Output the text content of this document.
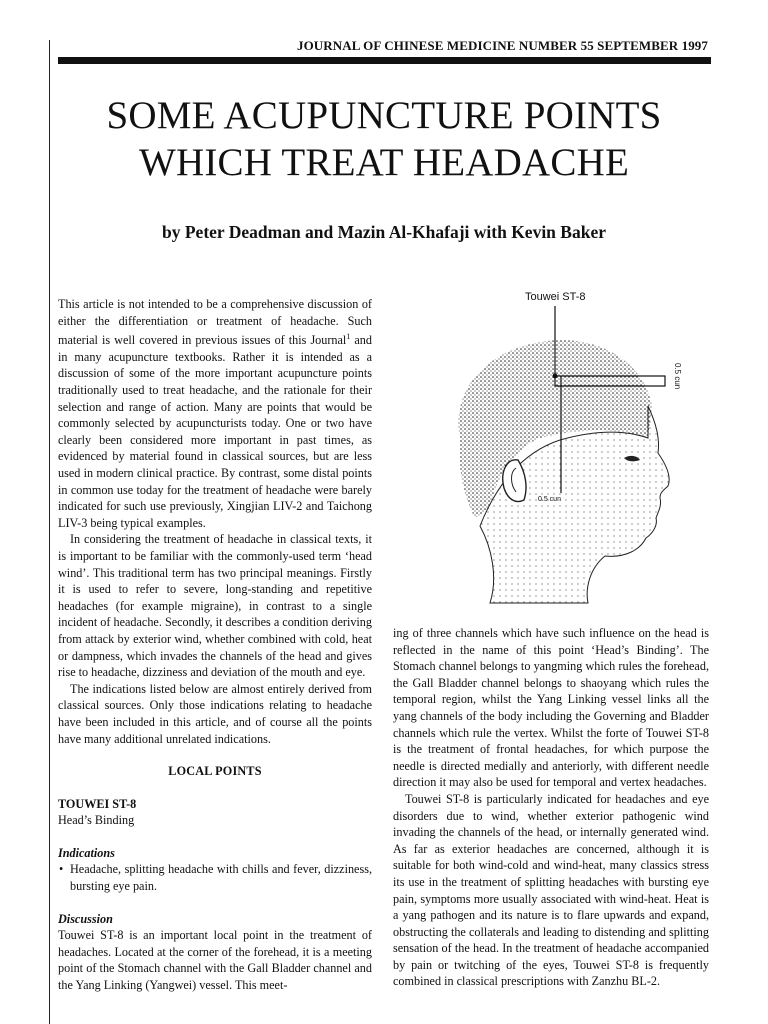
JOURNAL OF CHINESE MEDICINE NUMBER 55 SEPTEMBER 1997
SOME ACUPUNCTURE POINTS
WHICH TREAT HEADACHE
by Peter Deadman and Mazin Al-Khafaji with Kevin Baker

This article is not intended to be a comprehensive discussion of either the differentiation or treatment of headache. Such material is well covered in previous issues of this Journal$^1$ and in many acupuncture textbooks. Rather it is intended as a discussion of some of the more important acupuncture points traditionally used to treat headache, and the rationale for their selection and range of action. Many are points that would be commonly selected by acupuncturists today. One or two have clearly been considered more important in past times, as evidenced by material found in classical sources, but are less used in modern clinical practice. By contrast, some distal points in common use today for the treatment of headache were barely indicated for such use previously, Xingjian LIV-2 and Taichong LIV-3 being typical examples.

In considering the treatment of headache in classical texts, it is important to be familiar with the commonly-used term ‘head wind’. This traditional term has two principal meanings. Firstly it is used to refer to severe, long-standing and repetitive headaches (for example migraine), in contrast to a single incident of headache. Secondly, it describes a condition deriving from attack by exterior wind, whether combined with cold, heat or dampness, which invades the channels of the head and gives rise to headache, dizziness and deviation of the mouth and eye.

The indications listed below are almost entirely derived from classical sources. Only those indications relating to headache have been included in this article, and of course all the points have many additional unrelated indications.

LOCAL POINTS

TOUWEI ST-8

Head’s Binding

Indications

• Headache, splitting headache with chills and fever, dizziness, bursting eye pain.

Discussion

Touwei ST-8 is an important local point in the treatment of headaches. Located at the corner of the forehead, it is a meeting point of the Stomach channel with the Gall Bladder channel and the Yang Linking (Yangwei) vessel. This meet-

Touwei ST-8
0.5 cun
0.5 cun

ing of three channels which have such influence on the head is reflected in the name of this point ‘Head’s Binding’. The Stomach channel belongs to yangming which rules the forehead, the Gall Bladder channel belongs to shaoyang which rules the temporal region, whilst the Yang Linking vessel links all the yang channels of the body including the Governing and Bladder channels which rule the vertex. Whilst the forte of Touwei ST-8 is the treatment of frontal headaches, for which purpose the needle is directed medially and anteriorly, with different needle direction it may also be used for temporal and vertex headaches.

Touwei ST-8 is particularly indicated for headaches and eye disorders due to wind, whether exterior pathogenic wind invading the channels of the head, or internally generated wind. As far as exterior headaches are concerned, although it is suitable for both wind-cold and wind-heat, many classics stress its use in the treatment of splitting headaches with bursting eye pain, symptoms more usually associated with wind-heat. Heat is a yang pathogen and its nature is to flare upwards and expand, obstructing the collaterals and leading to distending and splitting sensation of the head. In the treatment of headache accompanied by pain or twitching of the eyes, Touwei ST-8 is frequently combined in classical prescriptions with Zanzhu BL-2.
